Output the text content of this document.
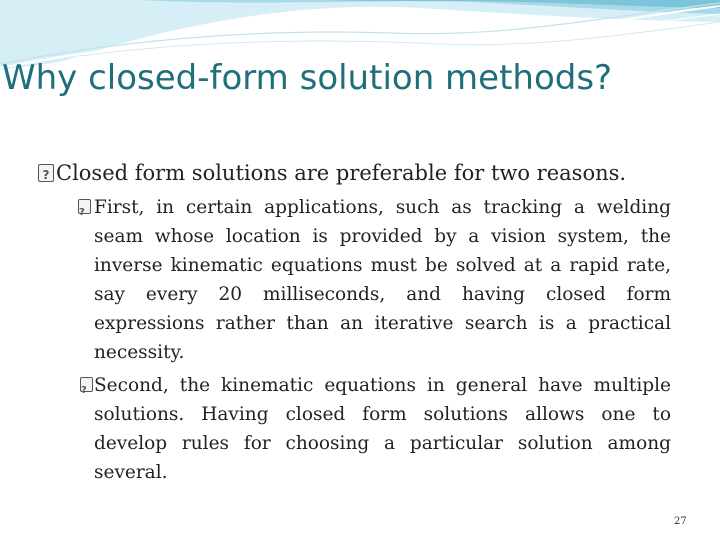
Why closed-form solution methods?
?Closed form solutions are preferable for two reasons.
?
First, in certain applications, such as tracking a welding seam whose location is provided by a vision system, the inverse kinematic equations must be solved at a rapid rate, say every 20 milliseconds, and having closed form expressions rather than an iterative search is a practical necessity.
?
Second, the kinematic equations in general have multiple solutions. Having closed form solutions allows one to develop rules for choosing a particular solution among several.
27
